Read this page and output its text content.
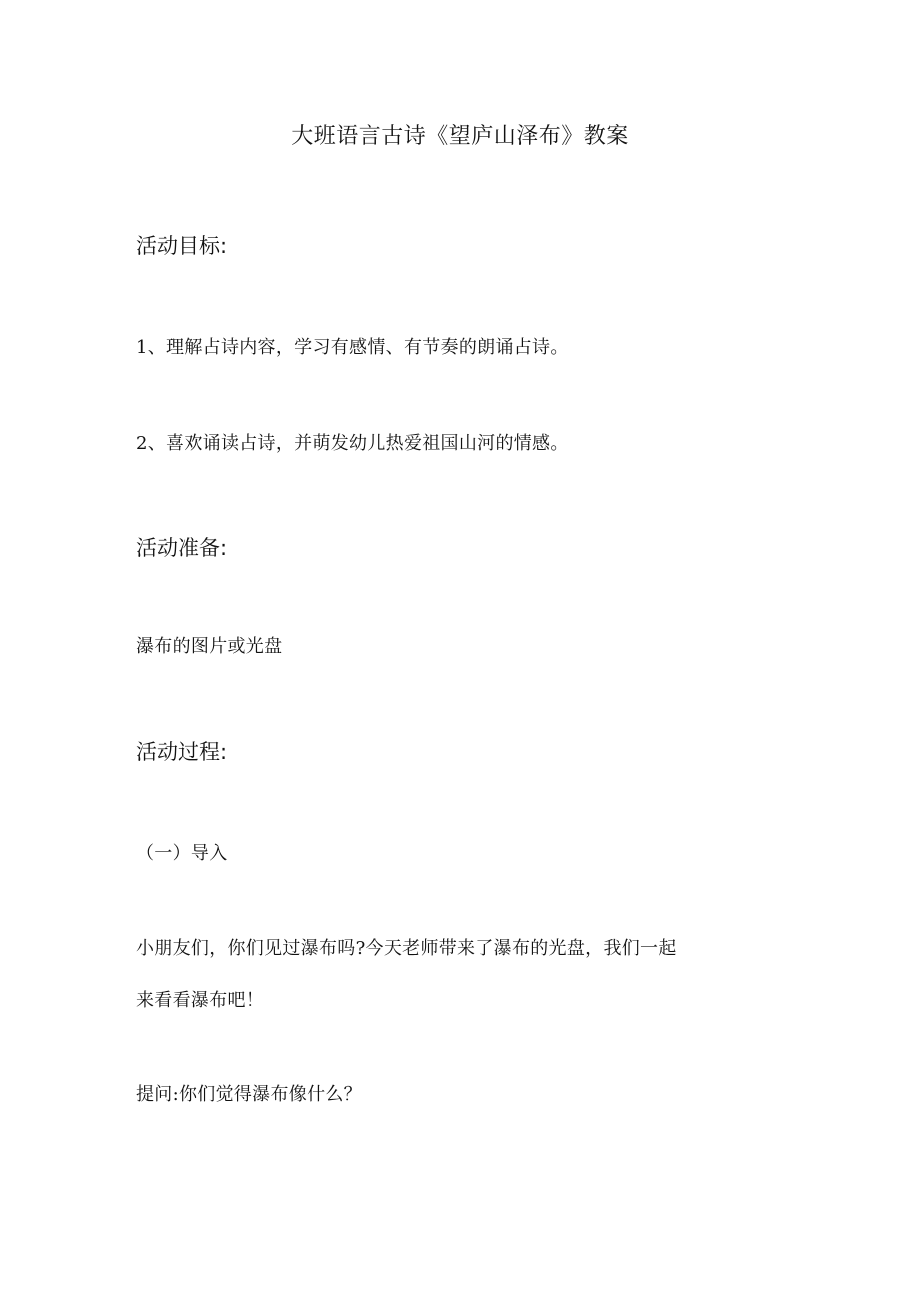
大班语言古诗《望庐山泽布》教案
活动目标:
1、理解占诗内容，学习有感情、有节奏的朗诵占诗。
2、喜欢诵读占诗，并萌发幼儿热爱祖国山河的情感。
活动准备:
瀑布的图片或光盘
活动过程:
（一）导入
小朋友们，你们见过瀑布吗?今天老师带来了瀑布的光盘，我们一起
来看看瀑布吧！
提问:你们觉得瀑布像什么？
